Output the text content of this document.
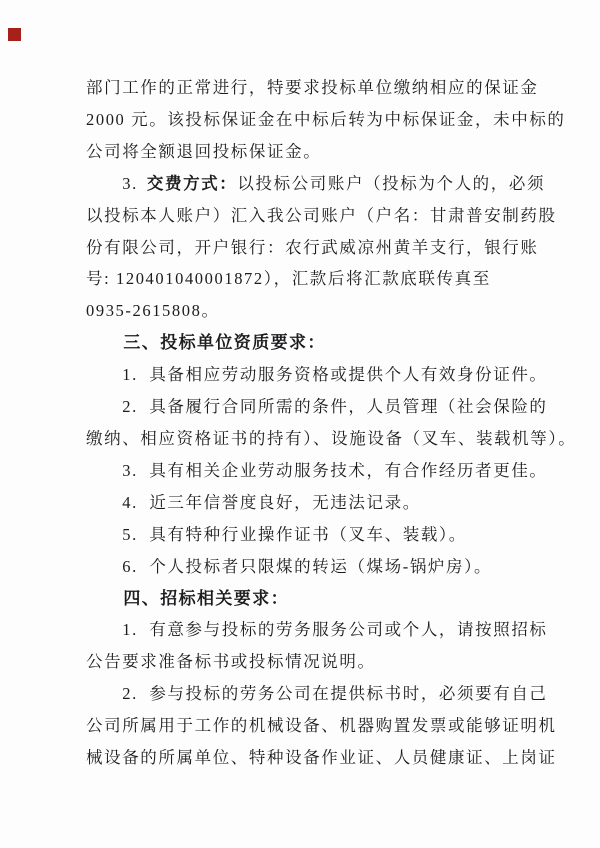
部门工作的正常进行，特要求投标单位缴纳相应的保证金
2000 元。该投标保证金在中标后转为中标保证金，未中标的
公司将全额退回投标保证金。
3. 交费方式：以投标公司账户（投标为个人的，必须
以投标本人账户）汇入我公司账户（户名：甘肃普安制药股
份有限公司，开户银行：农行武威凉州黄羊支行，银行账
号: 120401040001872），汇款后将汇款底联传真至
0935-2615808。
三、投标单位资质要求：
1.  具备相应劳动服务资格或提供个人有效身份证件。
2.  具备履行合同所需的条件，人员管理（社会保险的
缴纳、相应资格证书的持有）、设施设备（叉车、装载机等）。
3.  具有相关企业劳动服务技术，有合作经历者更佳。
4.  近三年信誉度良好，无违法记录。
5.  具有特种行业操作证书（叉车、装载）。
6.  个人投标者只限煤的转运（煤场-锅炉房）。
四、招标相关要求：
1.  有意参与投标的劳务服务公司或个人，请按照招标
公告要求准备标书或投标情况说明。
2.  参与投标的劳务公司在提供标书时，必须要有自己
公司所属用于工作的机械设备、机器购置发票或能够证明机
械设备的所属单位、特种设备作业证、人员健康证、上岗证
